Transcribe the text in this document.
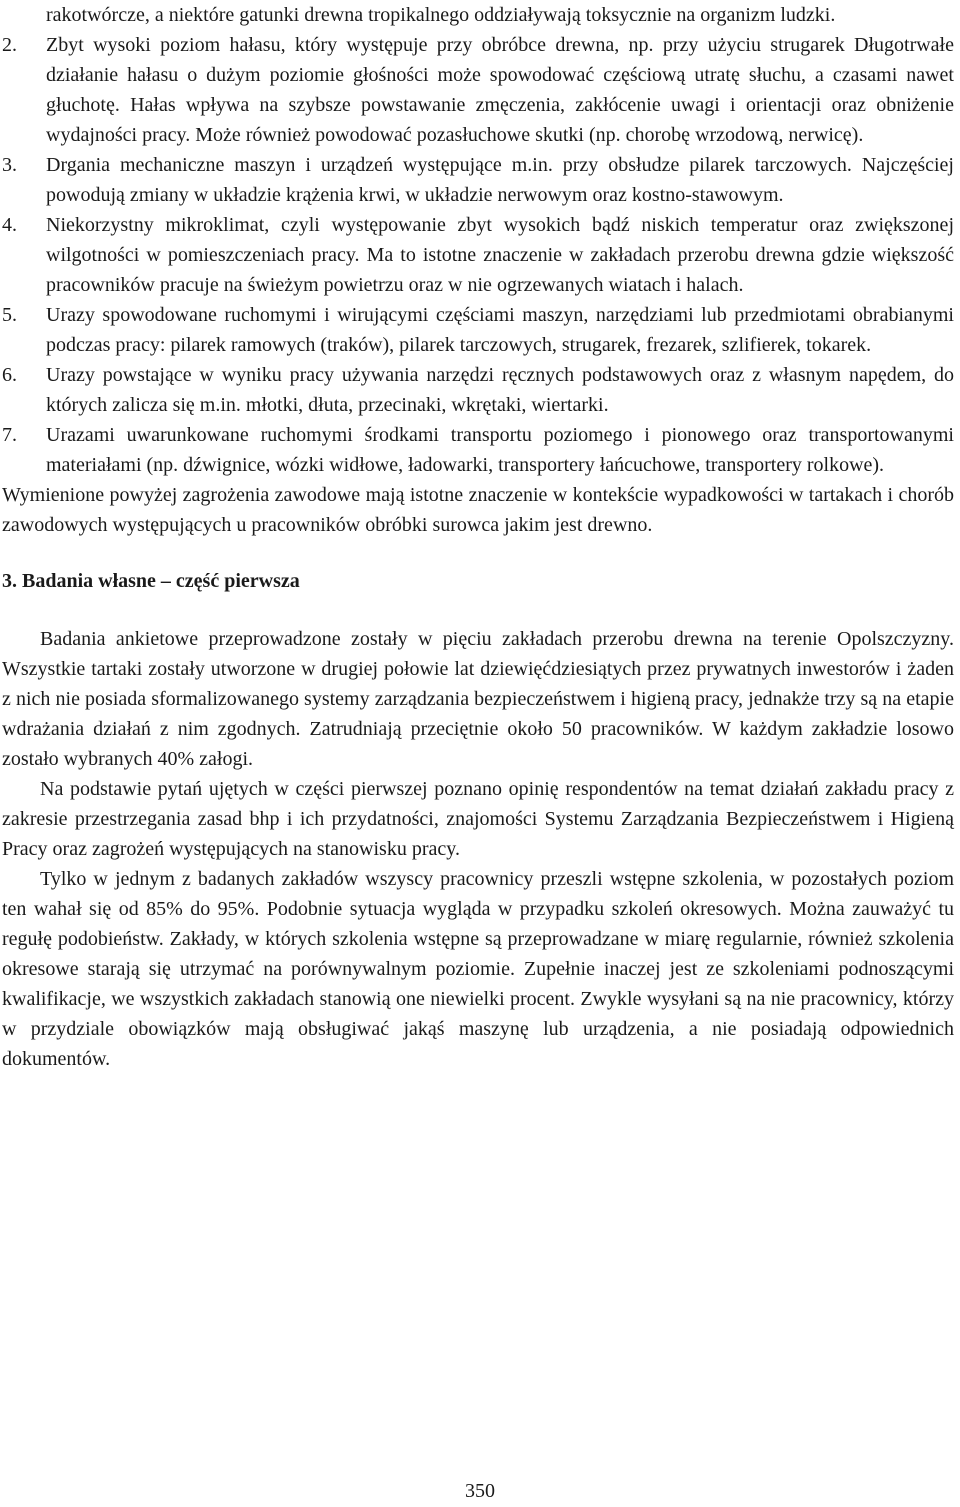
rakotwórcze, a niektóre gatunki drewna tropikalnego oddziaływają toksycznie na organizm ludzki.

2.	Zbyt wysoki poziom hałasu, który występuje przy obróbce drewna, np. przy użyciu strugarek Długotrwałe działanie hałasu o dużym poziomie głośności może spowodować częściową utratę słuchu, a czasami nawet głuchotę. Hałas wpływa na szybsze powstawanie zmęczenia, zakłócenie uwagi i orientacji oraz obniżenie wydajności pracy. Może również powodować pozasłuchowe skutki (np. chorobę wrzodową, nerwicę).
3.	Drgania mechaniczne maszyn i urządzeń występujące m.in. przy obsłudze pilarek tarczowych. Najczęściej powodują zmiany w układzie krążenia krwi, w układzie nerwowym oraz kostno-stawowym.
4.	Niekorzystny mikroklimat, czyli występowanie zbyt wysokich bądź niskich temperatur oraz zwiększonej wilgotności w pomieszczeniach pracy. Ma to istotne znaczenie w zakładach przerobu drewna gdzie większość pracowników pracuje na świeżym powietrzu oraz w nie ogrzewanych wiatach i halach.
5.	Urazy spowodowane ruchomymi i wirującymi częściami maszyn, narzędziami lub przedmiotami obrabianymi podczas pracy: pilarek ramowych (traków), pilarek tarczowych, strugarek, frezarek, szlifierek, tokarek.
6.	Urazy powstające w wyniku pracy używania narzędzi ręcznych podstawowych oraz z własnym napędem, do których zalicza się m.in. młotki, dłuta, przecinaki, wkrętaki, wiertarki.
7.	Urazami uwarunkowane ruchomymi środkami transportu poziomego i pionowego oraz transportowanymi materiałami (np. dźwignice, wózki widłowe, ładowarki, transportery łańcuchowe, transportery rolkowe).

Wymienione powyżej zagrożenia zawodowe mają istotne znaczenie w kontekście wypadkowości w tartakach i chorób zawodowych występujących u pracowników obróbki surowca jakim jest drewno.

3. Badania własne – część pierwsza

Badania ankietowe przeprowadzone zostały w pięciu zakładach przerobu drewna na terenie Opolszczyzny. Wszystkie tartaki zostały utworzone w drugiej połowie lat dziewięćdziesiątych przez prywatnych inwestorów i żaden z nich nie posiada sformalizowanego systemy zarządzania bezpieczeństwem i higieną pracy, jednakże trzy są na etapie wdrażania działań z nim zgodnych. Zatrudniają przeciętnie około 50 pracowników. W każdym zakładzie losowo zostało wybranych 40% załogi.

Na podstawie pytań ujętych w części pierwszej poznano opinię respondentów na temat działań zakładu pracy z zakresie przestrzegania zasad bhp i ich przydatności, znajomości Systemu Zarządzania Bezpieczeństwem i Higieną Pracy oraz zagrożeń występujących na stanowisku pracy.

Tylko w jednym z badanych zakładów wszyscy pracownicy przeszli wstępne szkolenia, w pozostałych poziom ten wahał się od 85% do 95%. Podobnie sytuacja wygląda w przypadku szkoleń okresowych. Można zauważyć tu regułę podobieństw. Zakłady, w których szkolenia wstępne są przeprowadzane w miarę regularnie, również szkolenia okresowe starają się utrzymać na porównywalnym poziomie. Zupełnie inaczej jest ze szkoleniami podnoszącymi kwalifikacje, we wszystkich zakładach stanowią one niewielki procent. Zwykle wysyłani są na nie pracownicy, którzy w przydziale obowiązków mają obsługiwać jakąś maszynę lub urządzenia, a nie posiadają odpowiednich dokumentów.

350
